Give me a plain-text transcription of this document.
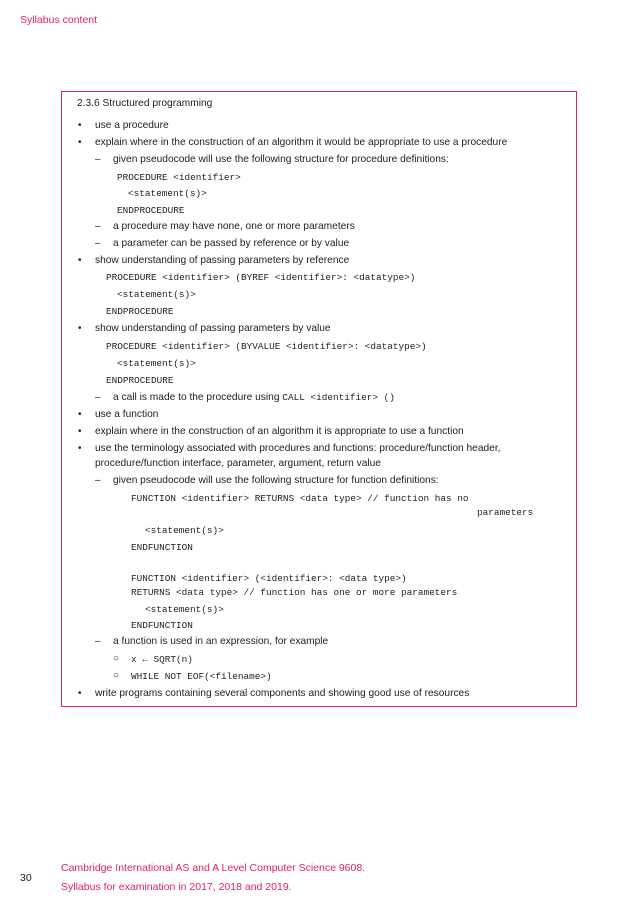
Syllabus content
2.3.6 Structured programming
• use a procedure
• explain where in the construction of an algorithm it would be appropriate to use a procedure
– given pseudocode will use the following structure for procedure definitions:
PROCEDURE <identifier>
<statement(s)>
ENDPROCEDURE
– a procedure may have none, one or more parameters
– a parameter can be passed by reference or by value
• show understanding of passing parameters by reference
PROCEDURE <identifier> (BYREF <identifier>: <datatype>)
<statement(s)>
ENDPROCEDURE
• show understanding of passing parameters by value
PROCEDURE <identifier> (BYVALUE <identifier>: <datatype>)
<statement(s)>
ENDPROCEDURE
– a call is made to the procedure using CALL <identifier> ()
• use a function
• explain where in the construction of an algorithm it is appropriate to use a function
• use the terminology associated with procedures and functions: procedure/function header,
procedure/function interface, parameter, argument, return value
– given pseudocode will use the following structure for function definitions:
FUNCTION <identifier> RETURNS <data type> // function has no
parameters
<statement(s)>
ENDFUNCTION
FUNCTION <identifier> (<identifier>: <data type>)
RETURNS <data type> // function has one or more parameters
<statement(s)>
ENDFUNCTION
– a function is used in an expression, for example
○ x ← SQRT(n)
○ WHILE NOT EOF(<filename>)
• write programs containing several components and showing good use of resources
30
Cambridge International AS and A Level Computer Science 9608.
Syllabus for examination in 2017, 2018 and 2019.
